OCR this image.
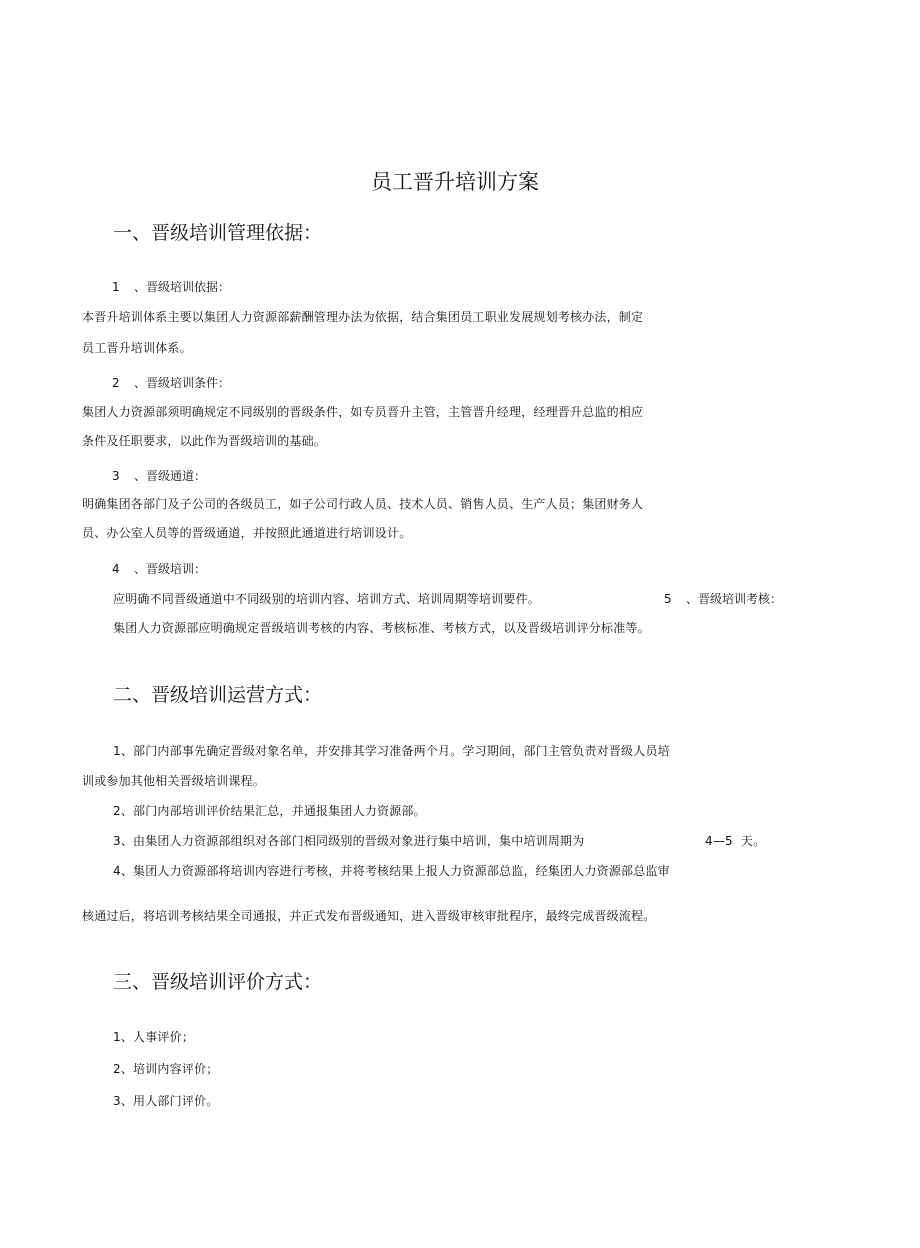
员工晋升培训方案
一、晋级培训管理依据：
1 、晋级培训依据：

本晋升培训体系主要以集团人力资源部薪酬管理办法为依据，结合集团员工职业发展规划考核办法，制定

员工晋升培训体系。

2 、晋级培训条件：

集团人力资源部须明确规定不同级别的晋级条件，如专员晋升主管，主管晋升经理，经理晋升总监的相应

条件及任职要求，以此作为晋级培训的基础。

3 、晋级通道：

明确集团各部门及子公司的各级员工，如子公司行政人员、技术人员、销售人员、生产人员；集团财务人

员、办公室人员等的晋级通道，并按照此通道进行培训设计。

4 、晋级培训：

应明确不同晋级通道中不同级别的培训内容、培训方式、培训周期等培训要件。	5 、晋级培训考核：

集团人力资源部应明确规定晋级培训考核的内容、考核标准、考核方式，以及晋级培训评分标准等。

二、晋级培训运营方式：

1、部门内部事先确定晋级对象名单，并安排其学习准备两个月。学习期间，部门主管负责对晋级人员培

训或参加其他相关晋级培训课程。

2、部门内部培训评价结果汇总，并通报集团人力资源部。

3、由集团人力资源部组织对各部门相同级别的晋级对象进行集中培训，集中培训周期为	4—5 天。

4、集团人力资源部将培训内容进行考核，并将考核结果上报人力资源部总监，经集团人力资源部总监审

核通过后，将培训考核结果全司通报，并正式发布晋级通知，进入晋级审核审批程序，最终完成晋级流程。

三、晋级培训评价方式：

1、人事评价；

2、培训内容评价；

3、用人部门评价。
